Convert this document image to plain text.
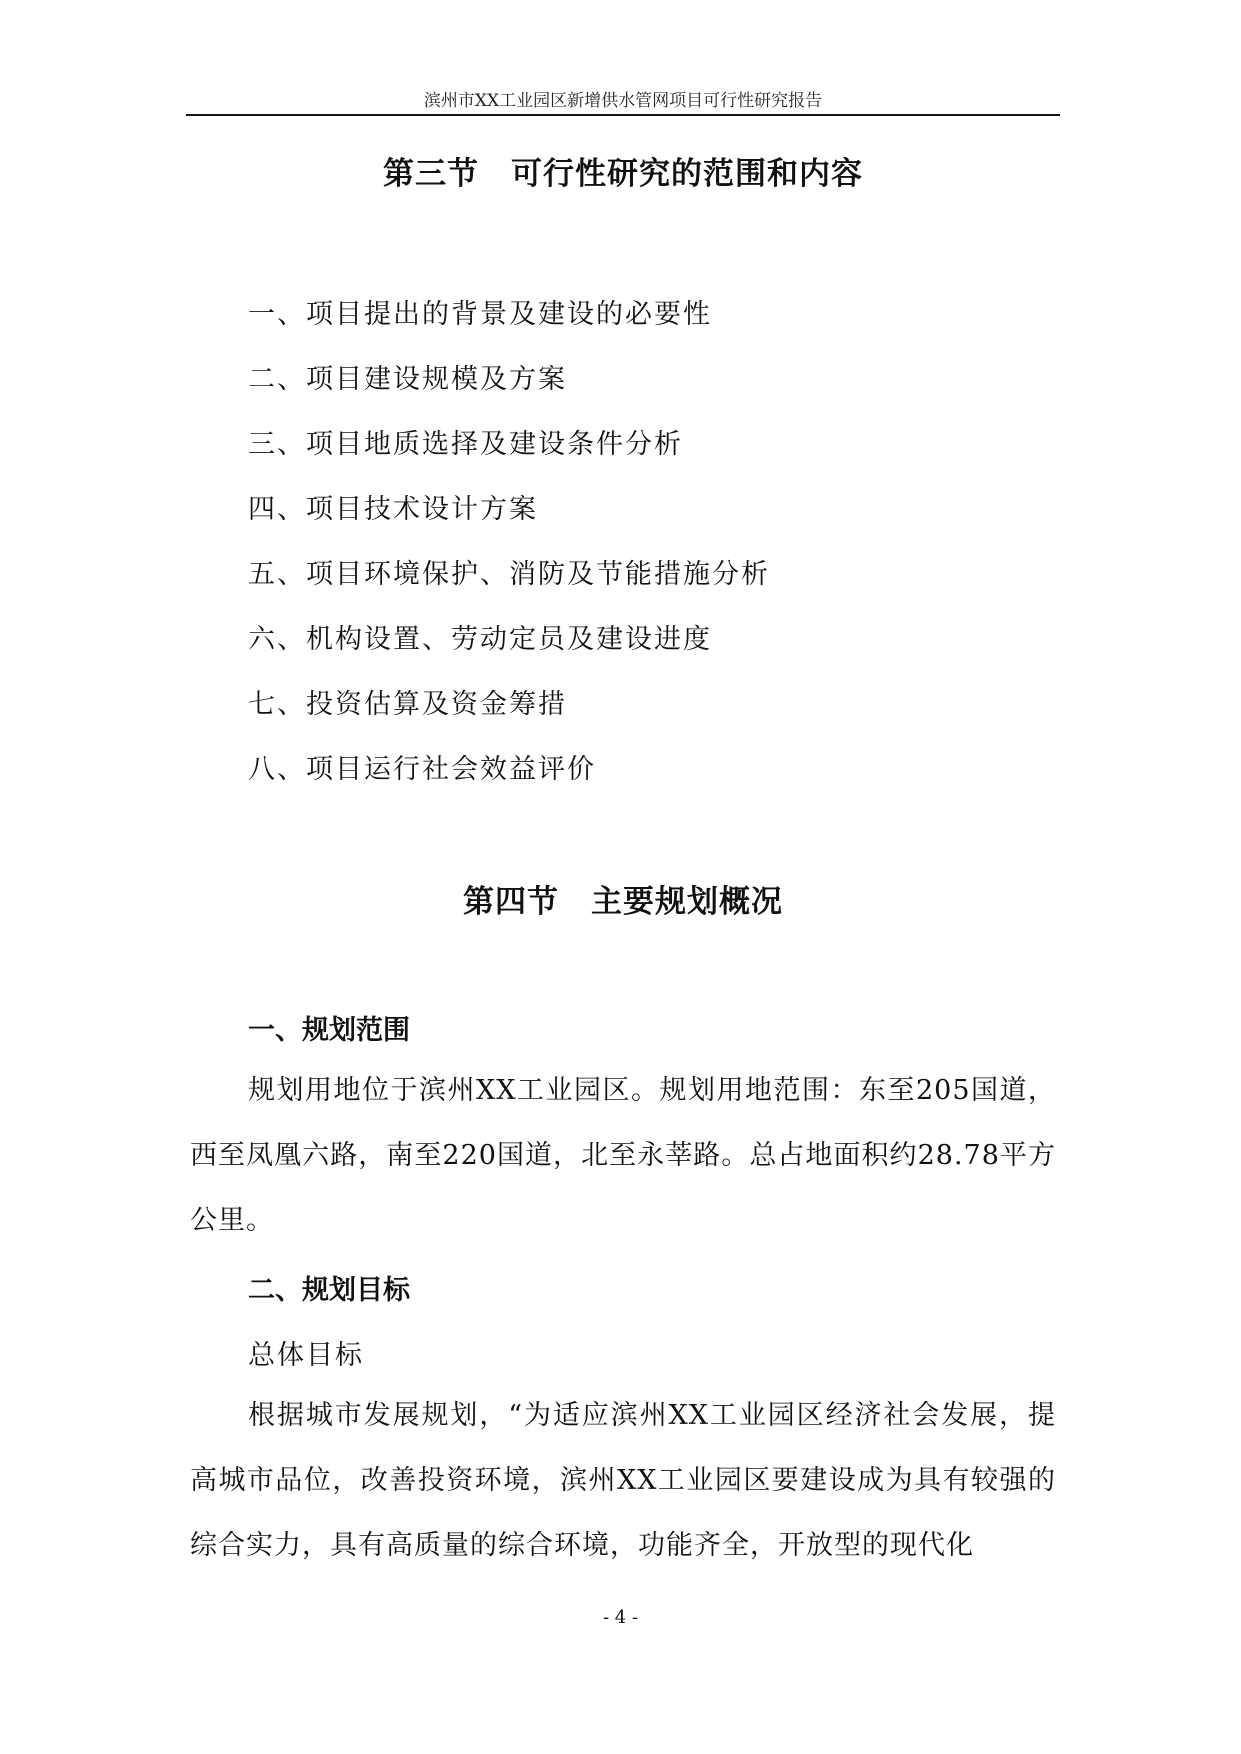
滨州市XX工业园区新增供水管网项目可行性研究报告
第三节　可行性研究的范围和内容
一、项目提出的背景及建设的必要性
二、项目建设规模及方案
三、项目地质选择及建设条件分析
四、项目技术设计方案
五、项目环境保护、消防及节能措施分析
六、机构设置、劳动定员及建设进度
七、投资估算及资金筹措
八、项目运行社会效益评价
第四节　主要规划概况
一、规划范围
规划用地位于滨州XX工业园区。规划用地范围：东至205国道，西至凤凰六路，南至220国道，北至永莘路。总占地面积约28.78平方公里。
二、规划目标
总体目标
根据城市发展规划，“为适应滨州XX工业园区经济社会发展，提高城市品位，改善投资环境，滨州XX工业园区要建设成为具有较强的综合实力，具有高质量的综合环境，功能齐全，开放型的现代化
- 4 -
